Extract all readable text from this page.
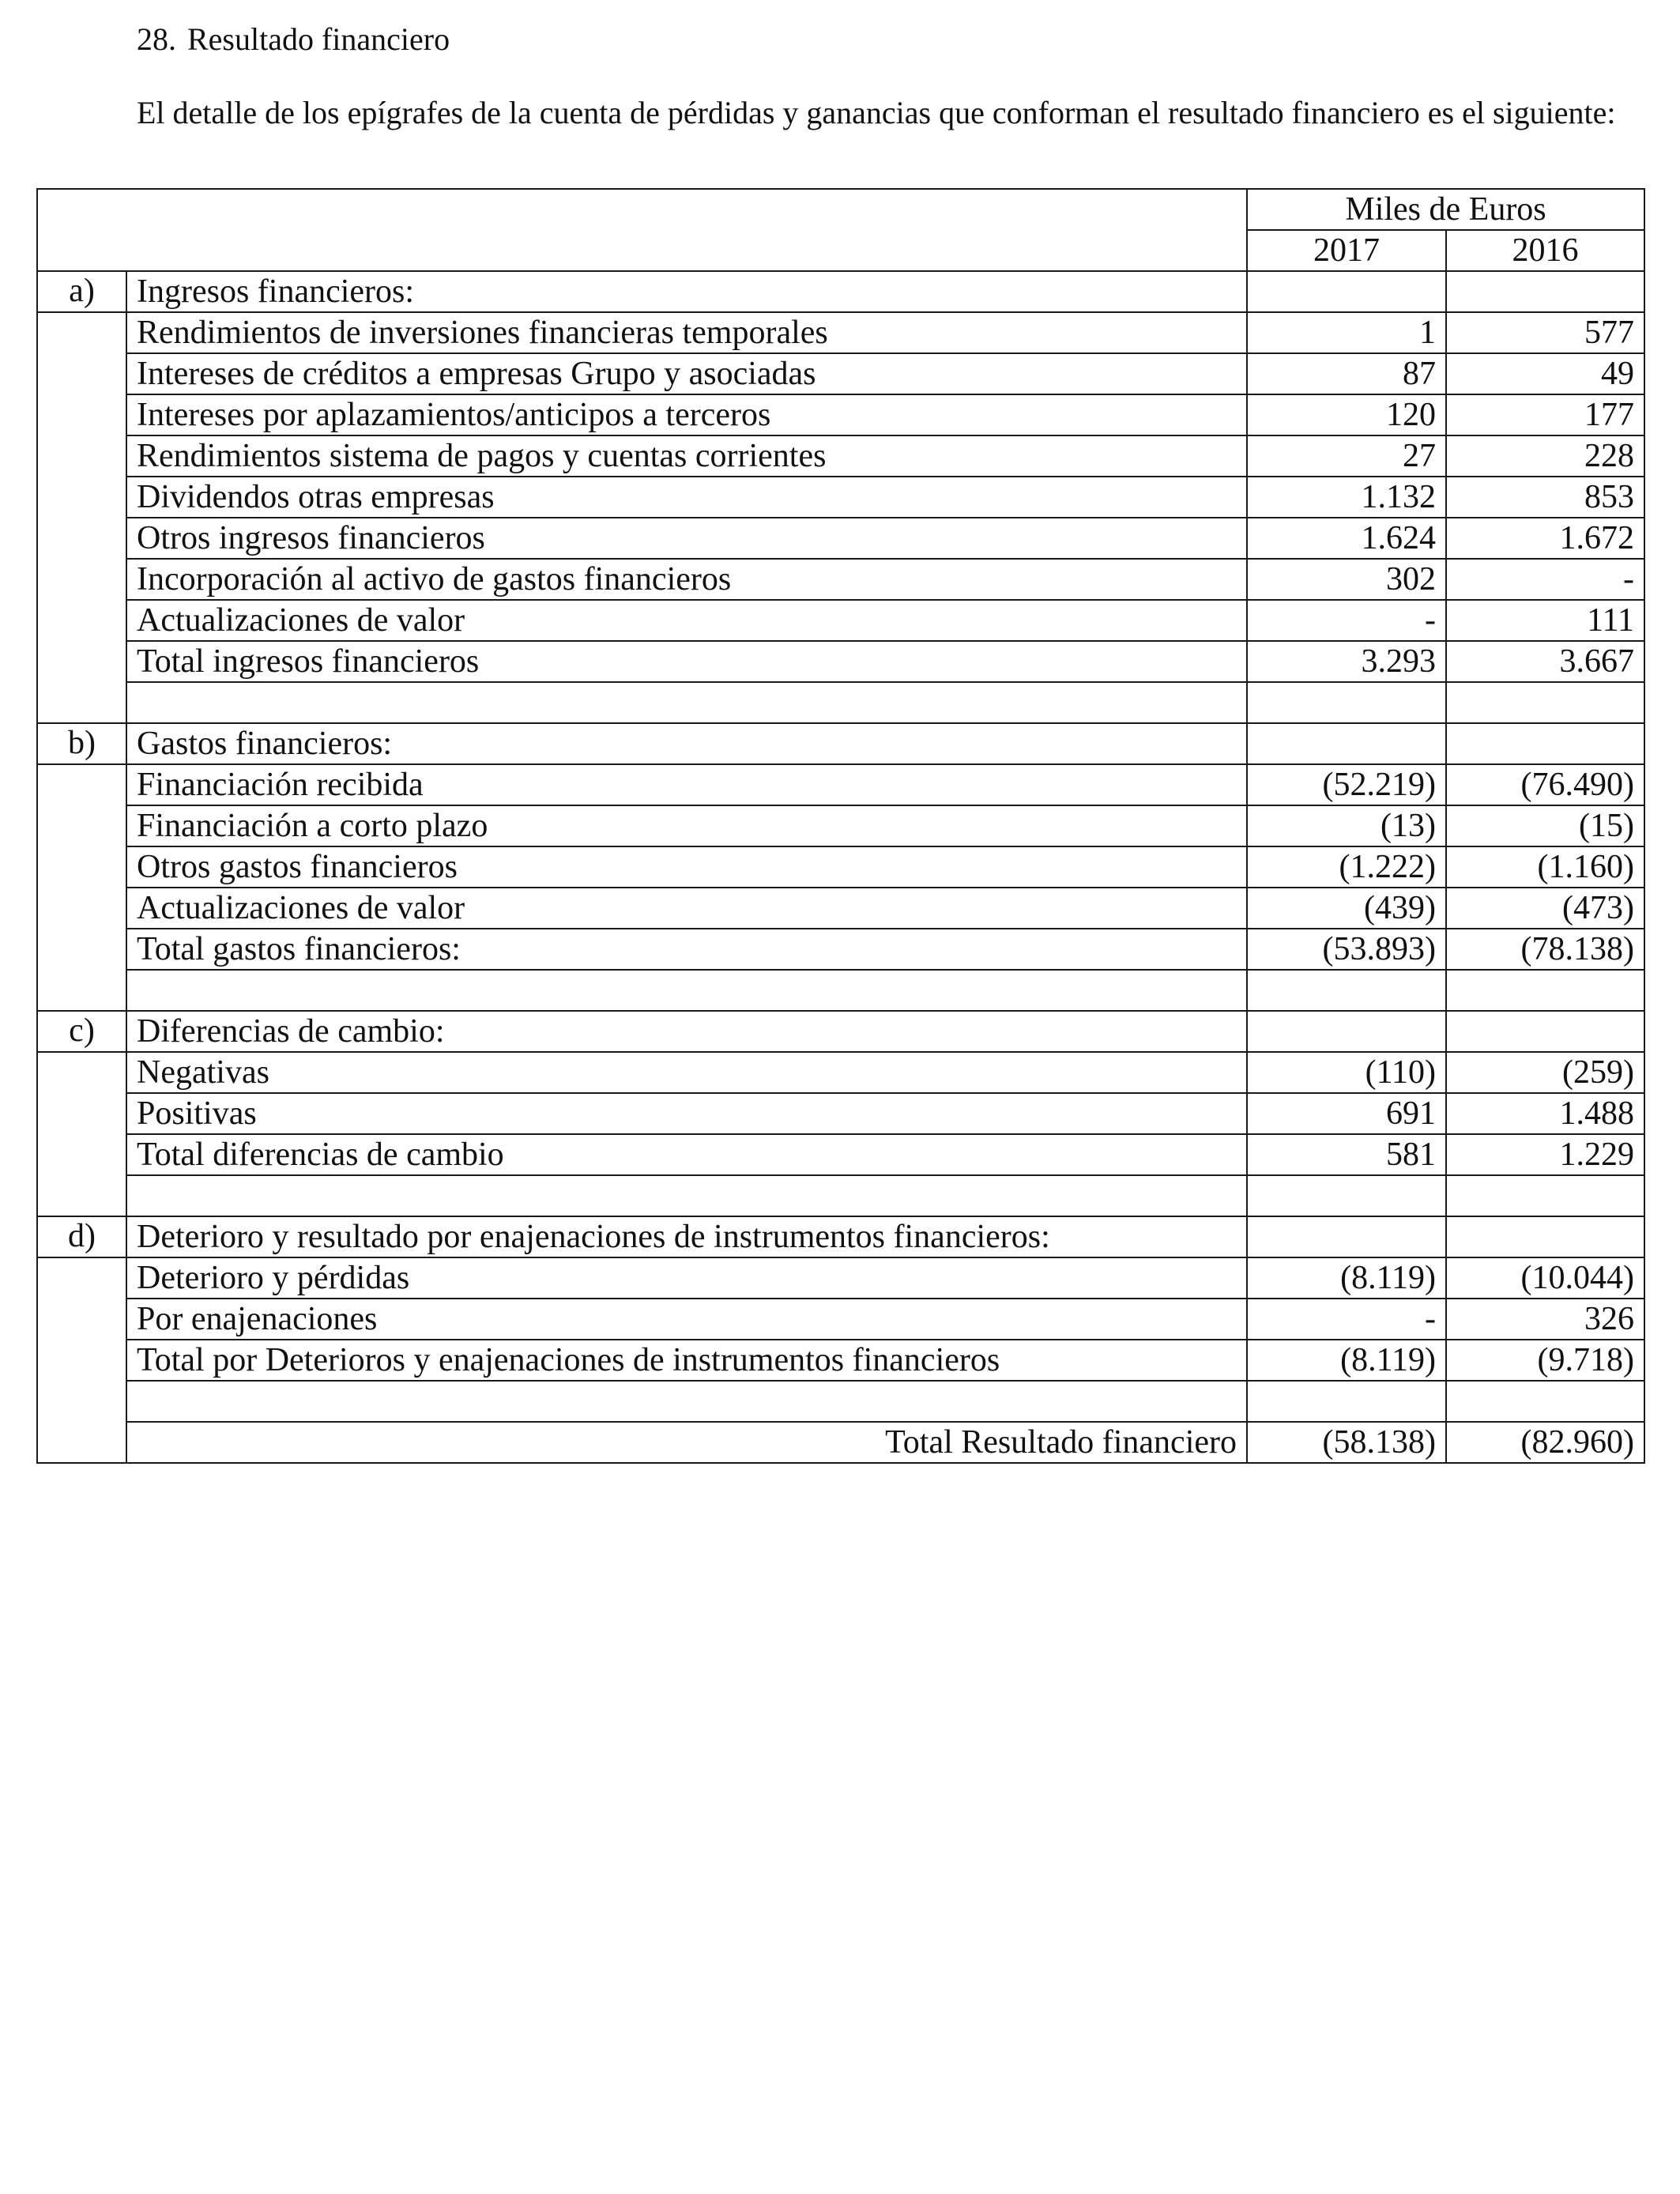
28. Resultado financiero
El detalle de los epígrafes de la cuenta de pérdidas y ganancias que conforman el resultado financiero es el siguiente:
		Miles de Euros	
		2017	2016
a)	Ingresos financieros:		
	Rendimientos de inversiones financieras temporales	1	577
	Intereses de créditos a empresas Grupo y asociadas	87	49
	Intereses por aplazamientos/anticipos a terceros	120	177
	Rendimientos sistema de pagos y cuentas corrientes	27	228
	Dividendos otras empresas	1.132	853
	Otros ingresos financieros	1.624	1.672
	Incorporación al activo de gastos financieros	302	-
	Actualizaciones de valor	-	111
	Total ingresos financieros	3.293	3.667

b)	Gastos financieros:		
	Financiación recibida	(52.219)	(76.490)
	Financiación a corto plazo	(13)	(15)
	Otros gastos financieros	(1.222)	(1.160)
	Actualizaciones de valor	(439)	(473)
	Total gastos financieros:	(53.893)	(78.138)

c)	Diferencias de cambio:		
	Negativas	(110)	(259)
	Positivas	691	1.488
	Total diferencias de cambio	581	1.229

d)	Deterioro y resultado por enajenaciones de instrumentos financieros:		
	Deterioro y pérdidas	(8.119)	(10.044)
	Por enajenaciones	-	326
	Total por Deterioros y enajenaciones de instrumentos financieros	(8.119)	(9.718)

	Total Resultado financiero	(58.138)	(82.960)
